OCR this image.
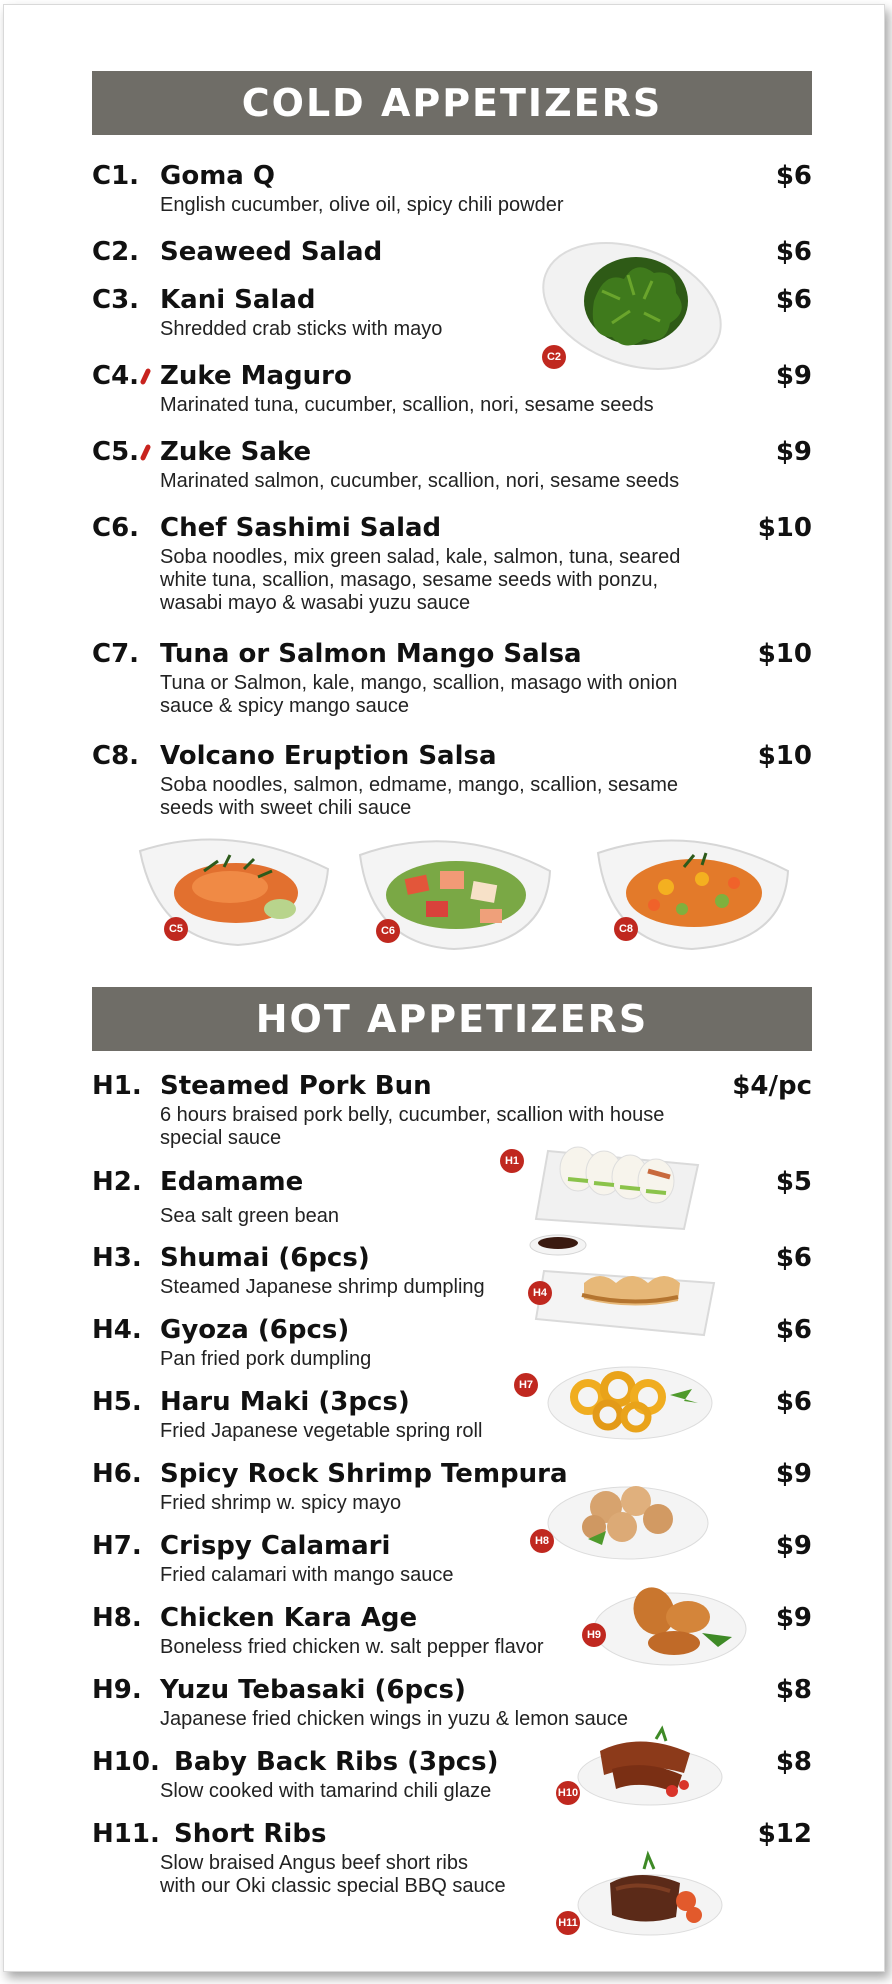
COLD APPETIZERS
C1. Goma Q	$6
English cucumber, olive oil, spicy chili powder
C2. Seaweed Salad	$6
C3. Kani Salad	$6
Shredded crab sticks with mayo
C4. Zuke Maguro	$9
Marinated tuna, cucumber, scallion, nori, sesame seeds
C5. Zuke Sake	$9
Marinated salmon, cucumber, scallion, nori, sesame seeds
C6. Chef Sashimi Salad	$10
Soba noodles, mix green salad, kale, salmon, tuna, seared
white tuna, scallion, masago, sesame seeds with ponzu,
wasabi mayo & wasabi yuzu sauce
C7. Tuna or Salmon Mango Salsa	$10
Tuna or Salmon, kale, mango, scallion, masago with onion
sauce & spicy mango sauce
C8. Volcano Eruption Salsa	$10
Soba noodles, salmon, edmame, mango, scallion, sesame
seeds with sweet chili sauce
C2
C5	C6	C8
HOT APPETIZERS
H1. Steamed Pork Bun	$4/pc
6 hours braised pork belly, cucumber, scallion with house
special sauce
H2. Edamame	$5
Sea salt green bean
H3. Shumai (6pcs)	$6
Steamed Japanese shrimp dumpling
H4. Gyoza (6pcs)	$6
Pan fried pork dumpling
H5. Haru Maki (3pcs)	$6
Fried Japanese vegetable spring roll
H6. Spicy Rock Shrimp Tempura	$9
Fried shrimp w. spicy mayo
H7. Crispy Calamari	$9
Fried calamari with mango sauce
H8. Chicken Kara Age	$9
Boneless fried chicken w. salt pepper flavor
H9. Yuzu Tebasaki (6pcs)	$8
Japanese fried chicken wings in yuzu & lemon sauce
H10. Baby Back Ribs (3pcs)	$8
Slow cooked with tamarind chili glaze
H11. Short Ribs	$12
Slow braised Angus beef short ribs
with our Oki classic special BBQ sauce
H1
H4
H7
H8
H9
H10
H11
